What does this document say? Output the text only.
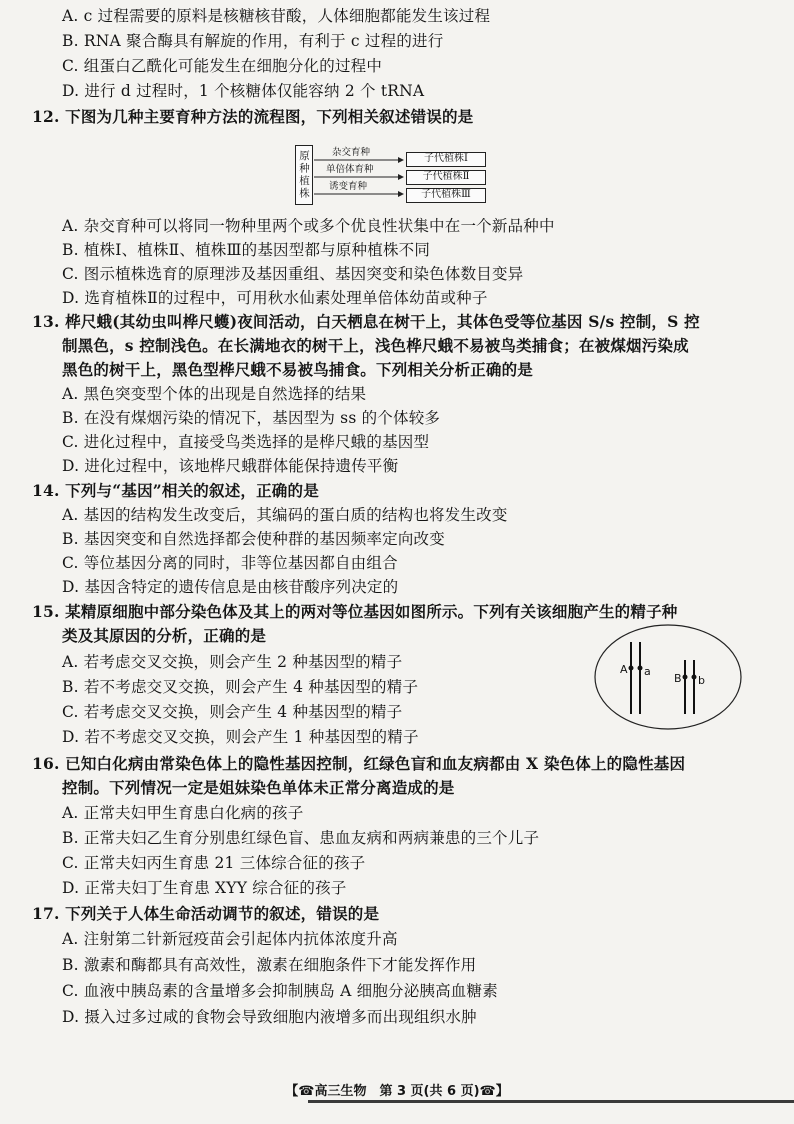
A. c 过程需要的原料是核糖核苷酸，人体细胞都能发生该过程
B. RNA 聚合酶具有解旋的作用，有利于 c 过程的进行
C. 组蛋白乙酰化可能发生在细胞分化的过程中
D. 进行 d 过程时，1 个核糖体仅能容纳 2 个 tRNA
12. 下图为几种主要育种方法的流程图，下列相关叙述错误的是
原种植株	杂交育种
单倍体育种
诱变育种
子代植株Ⅰ
子代植株Ⅱ
子代植株Ⅲ
A. 杂交育种可以将同一物种里两个或多个优良性状集中在一个新品种中
B. 植株Ⅰ、植株Ⅱ、植株Ⅲ的基因型都与原种植株不同
C. 图示植株选育的原理涉及基因重组、基因突变和染色体数目变异
D. 选育植株Ⅱ的过程中，可用秋水仙素处理单倍体幼苗或种子
13. 桦尺蛾(其幼虫叫桦尺蠖)夜间活动，白天栖息在树干上，其体色受等位基因 S/s 控制，S 控
制黑色，s 控制浅色。在长满地衣的树干上，浅色桦尺蛾不易被鸟类捕食；在被煤烟污染成
黑色的树干上，黑色型桦尺蛾不易被鸟捕食。下列相关分析正确的是
A. 黑色突变型个体的出现是自然选择的结果
B. 在没有煤烟污染的情况下，基因型为 ss 的个体较多
C. 进化过程中，直接受鸟类选择的是桦尺蛾的基因型
D. 进化过程中，该地桦尺蛾群体能保持遗传平衡
14. 下列与“基因”相关的叙述，正确的是
A. 基因的结构发生改变后，其编码的蛋白质的结构也将发生改变
B. 基因突变和自然选择都会使种群的基因频率定向改变
C. 等位基因分离的同时，非等位基因都自由组合
D. 基因含特定的遗传信息是由核苷酸序列决定的
15. 某精原细胞中部分染色体及其上的两对等位基因如图所示。下列有关该细胞产生的精子种
类及其原因的分析，正确的是
A. 若考虑交叉交换，则会产生 2 种基因型的精子
B. 若不考虑交叉交换，则会产生 4 种基因型的精子
C. 若考虑交叉交换，则会产生 4 种基因型的精子
D. 若不考虑交叉交换，则会产生 1 种基因型的精子
A a
B b
16. 已知白化病由常染色体上的隐性基因控制，红绿色盲和血友病都由 X 染色体上的隐性基因
控制。下列情况一定是姐妹染色单体未正常分离造成的是
A. 正常夫妇甲生育患白化病的孩子
B. 正常夫妇乙生育分别患红绿色盲、患血友病和两病兼患的三个儿子
C. 正常夫妇丙生育患 21 三体综合征的孩子
D. 正常夫妇丁生育患 XYY 综合征的孩子
17. 下列关于人体生命活动调节的叙述，错误的是
A. 注射第二针新冠疫苗会引起体内抗体浓度升高
B. 激素和酶都具有高效性，激素在细胞条件下才能发挥作用
C. 血液中胰岛素的含量增多会抑制胰岛 A 细胞分泌胰高血糖素
D. 摄入过多过咸的食物会导致细胞内液增多而出现组织水肿
【☎高三生物　第 3 页(共 6 页)☎】
